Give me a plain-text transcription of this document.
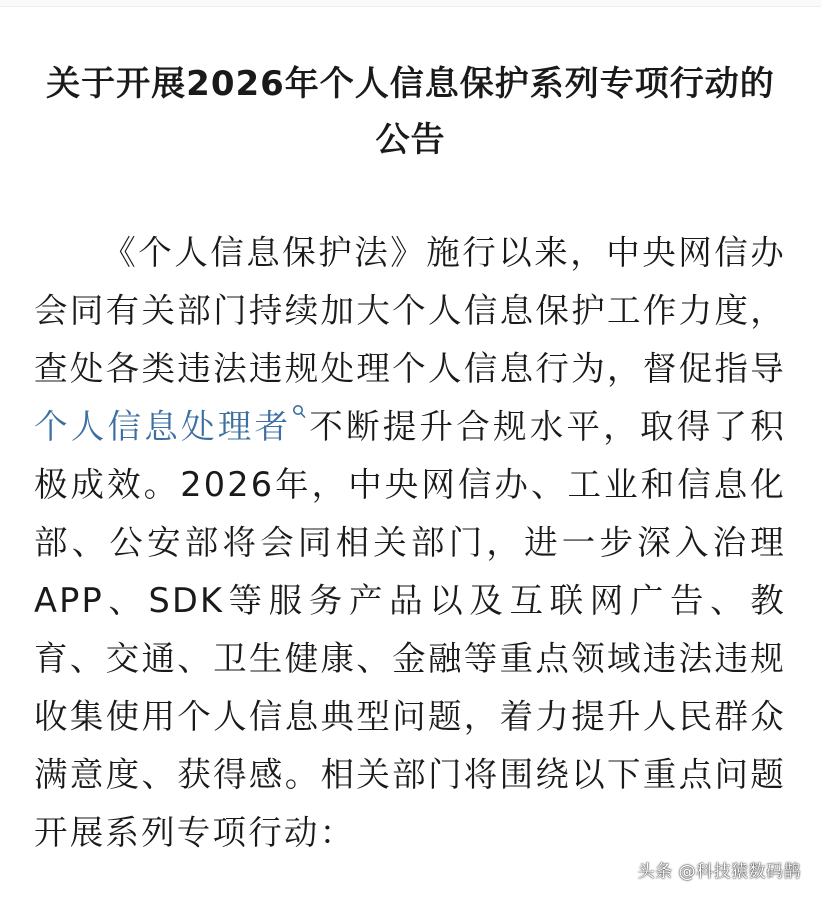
关于开展2026年个人信息保护系列专项行动的公告

《个人信息保护法》施行以来，中央网信办会同有关部门持续加大个人信息保护工作力度，查处各类违法违规处理个人信息行为，督促指导个人信息处理者 不断提升合规水平，取得了积极成效。2026年，中央网信办、工业和信息化部、公安部将会同相关部门，进一步深入治理APP、SDK等服务产品以及互联网广告、教育、交通、卫生健康、金融等重点领域违法违规收集使用个人信息典型问题，着力提升人民群众满意度、获得感。相关部门将围绕以下重点问题开展系列专项行动：

头条 @科技猿数码鹊
